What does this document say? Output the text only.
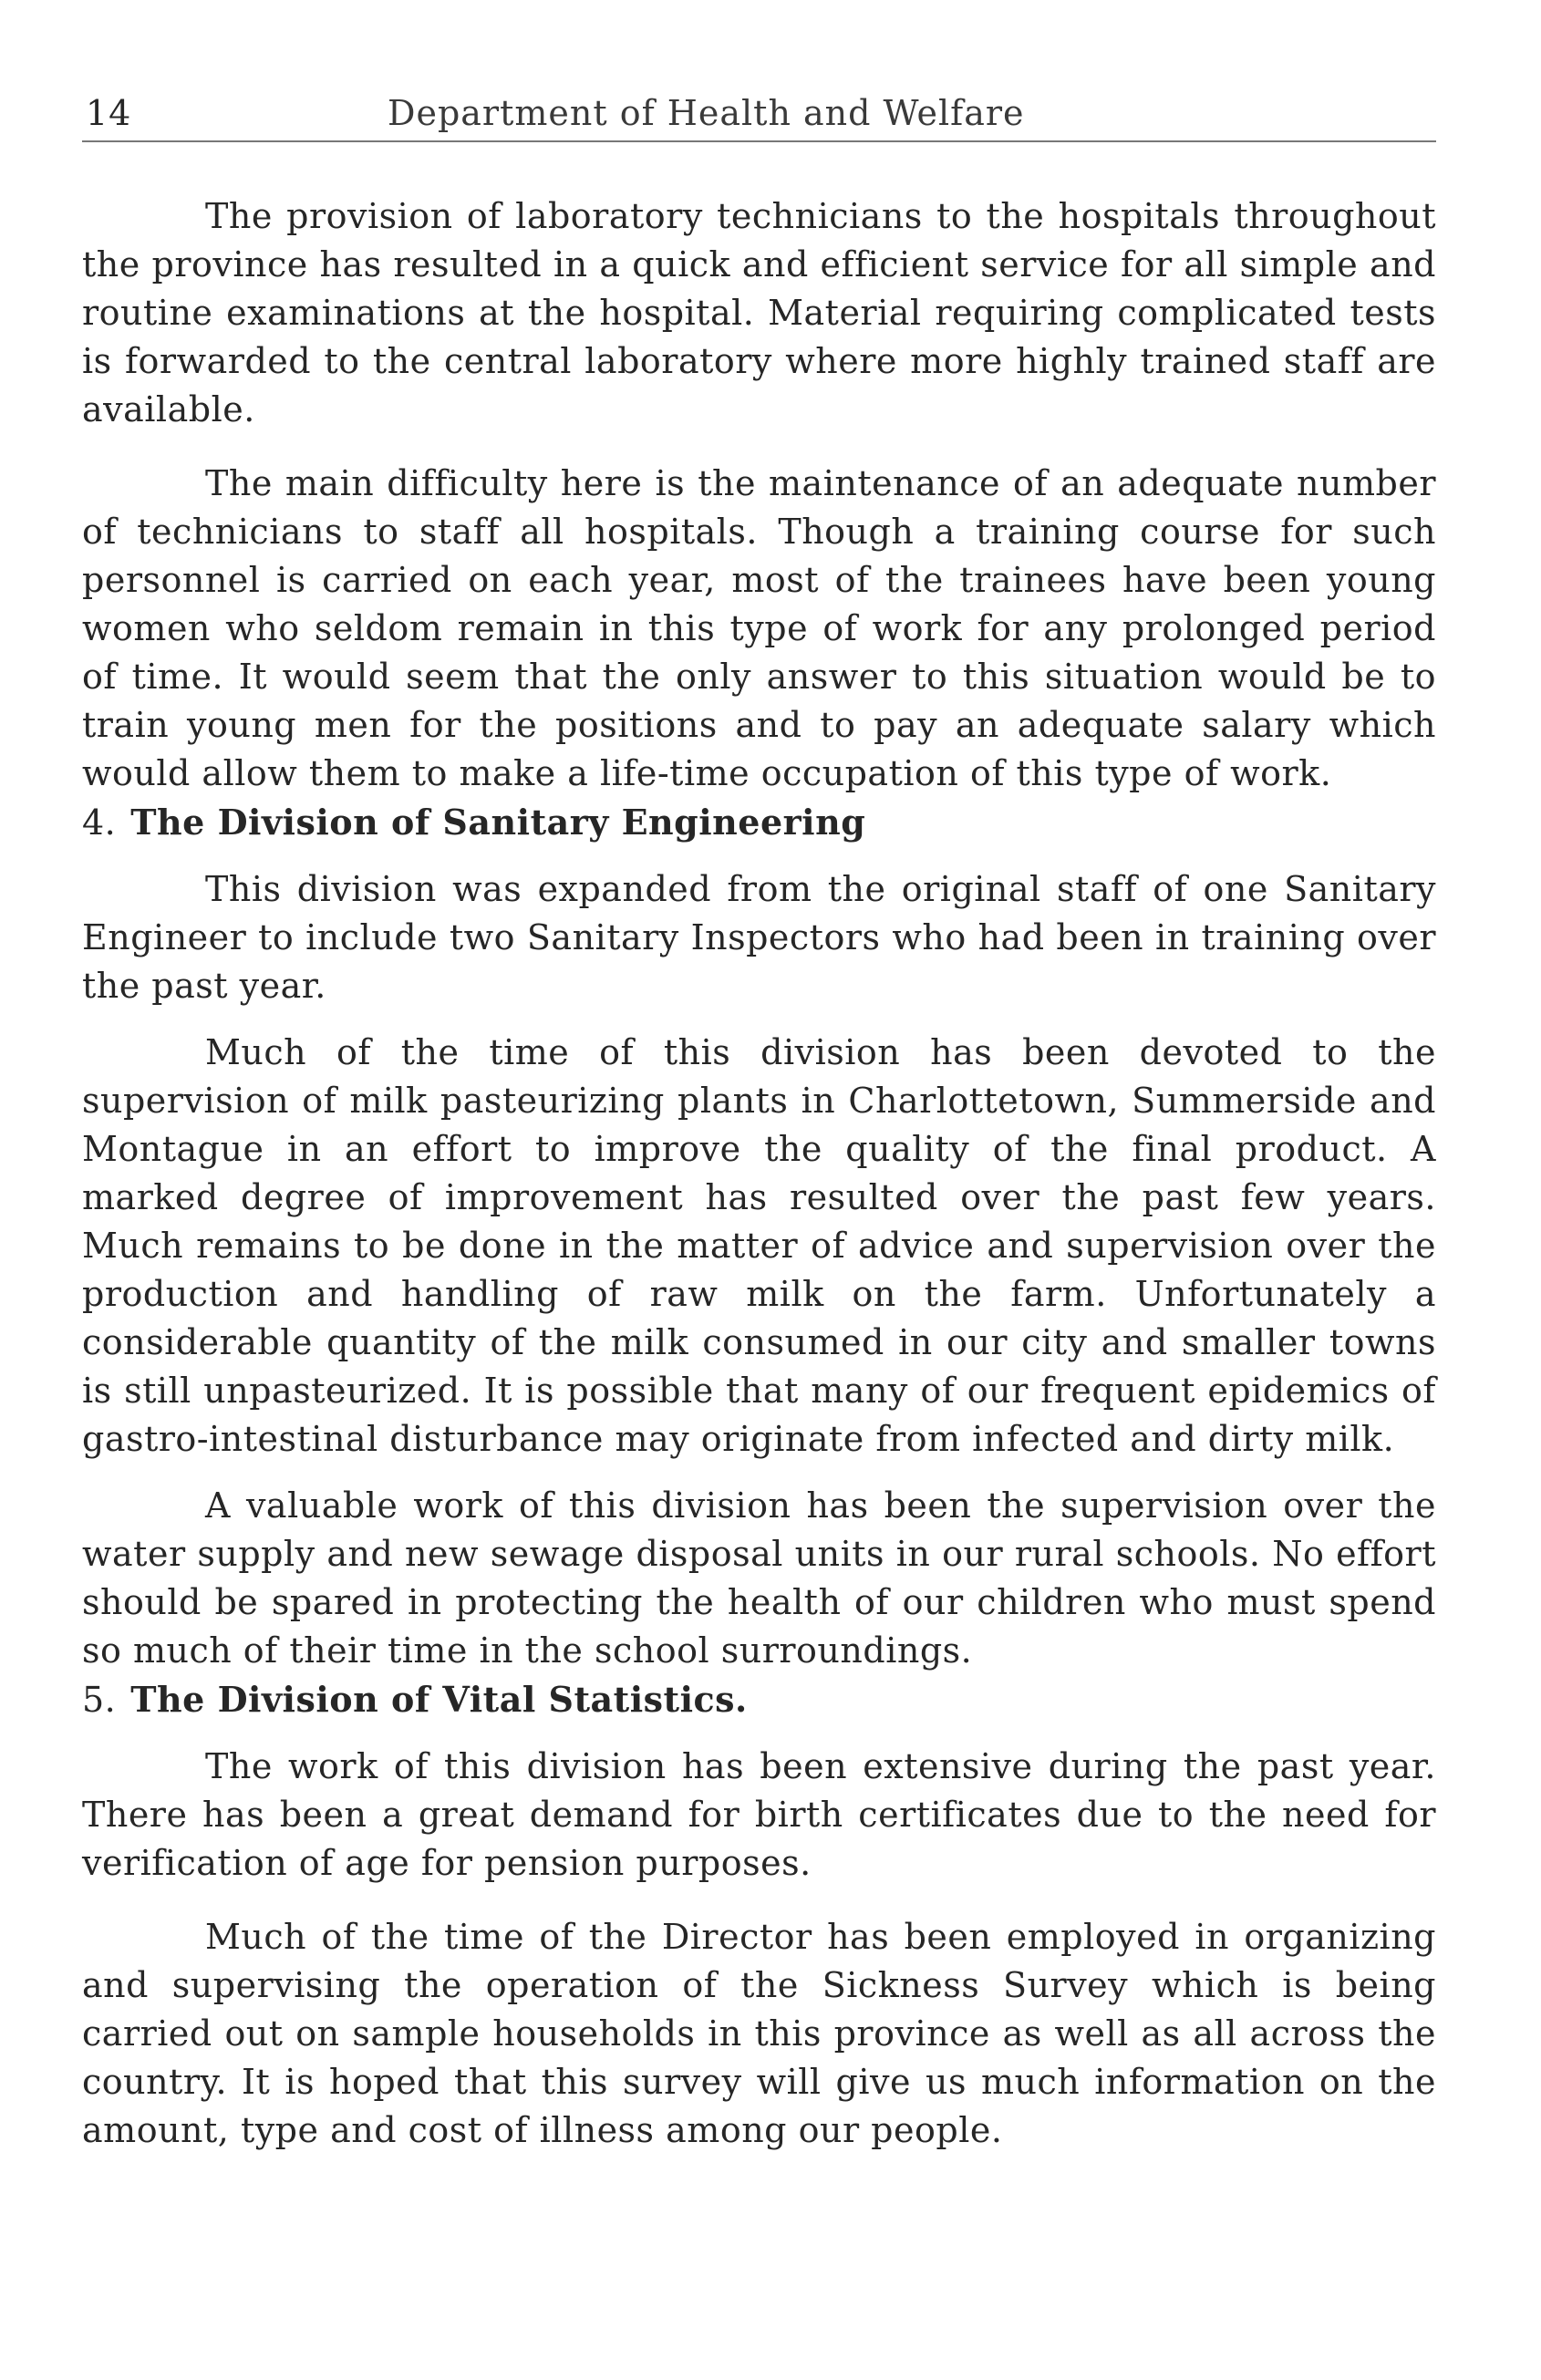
14	Department of Health and Welfare

The provision of laboratory technicians to the hospitals throughout the province has resulted in a quick and efficient service for all simple and routine examinations at the hospital. Material requiring complicated tests is forwarded to the central laboratory where more highly trained staff are available.

The main difficulty here is the maintenance of an adequate number of technicians to staff all hospitals. Though a training course for such personnel is carried on each year, most of the trainees have been young women who seldom remain in this type of work for any prolonged period of time. It would seem that the only answer to this situation would be to train young men for the positions and to pay an adequate salary which would allow them to make a life-time occupation of this type of work.

4. The Division of Sanitary Engineering

This division was expanded from the original staff of one Sanitary Engineer to include two Sanitary Inspectors who had been in training over the past year.

Much of the time of this division has been devoted to the supervision of milk pasteurizing plants in Charlottetown, Summerside and Montague in an effort to improve the quality of the final product. A marked degree of improvement has resulted over the past few years. Much remains to be done in the matter of advice and supervision over the production and handling of raw milk on the farm. Unfortunately a considerable quantity of the milk consumed in our city and smaller towns is still unpasteurized. It is possible that many of our frequent epidemics of gastro-intestinal disturbance may originate from infected and dirty milk.

A valuable work of this division has been the supervision over the water supply and new sewage disposal units in our rural schools. No effort should be spared in protecting the health of our children who must spend so much of their time in the school surroundings.

5. The Division of Vital Statistics.

The work of this division has been extensive during the past year. There has been a great demand for birth certificates due to the need for verification of age for pension purposes.

Much of the time of the Director has been employed in organizing and supervising the operation of the Sickness Survey which is being carried out on sample households in this province as well as all across the country. It is hoped that this survey will give us much information on the amount, type and cost of illness among our people.
